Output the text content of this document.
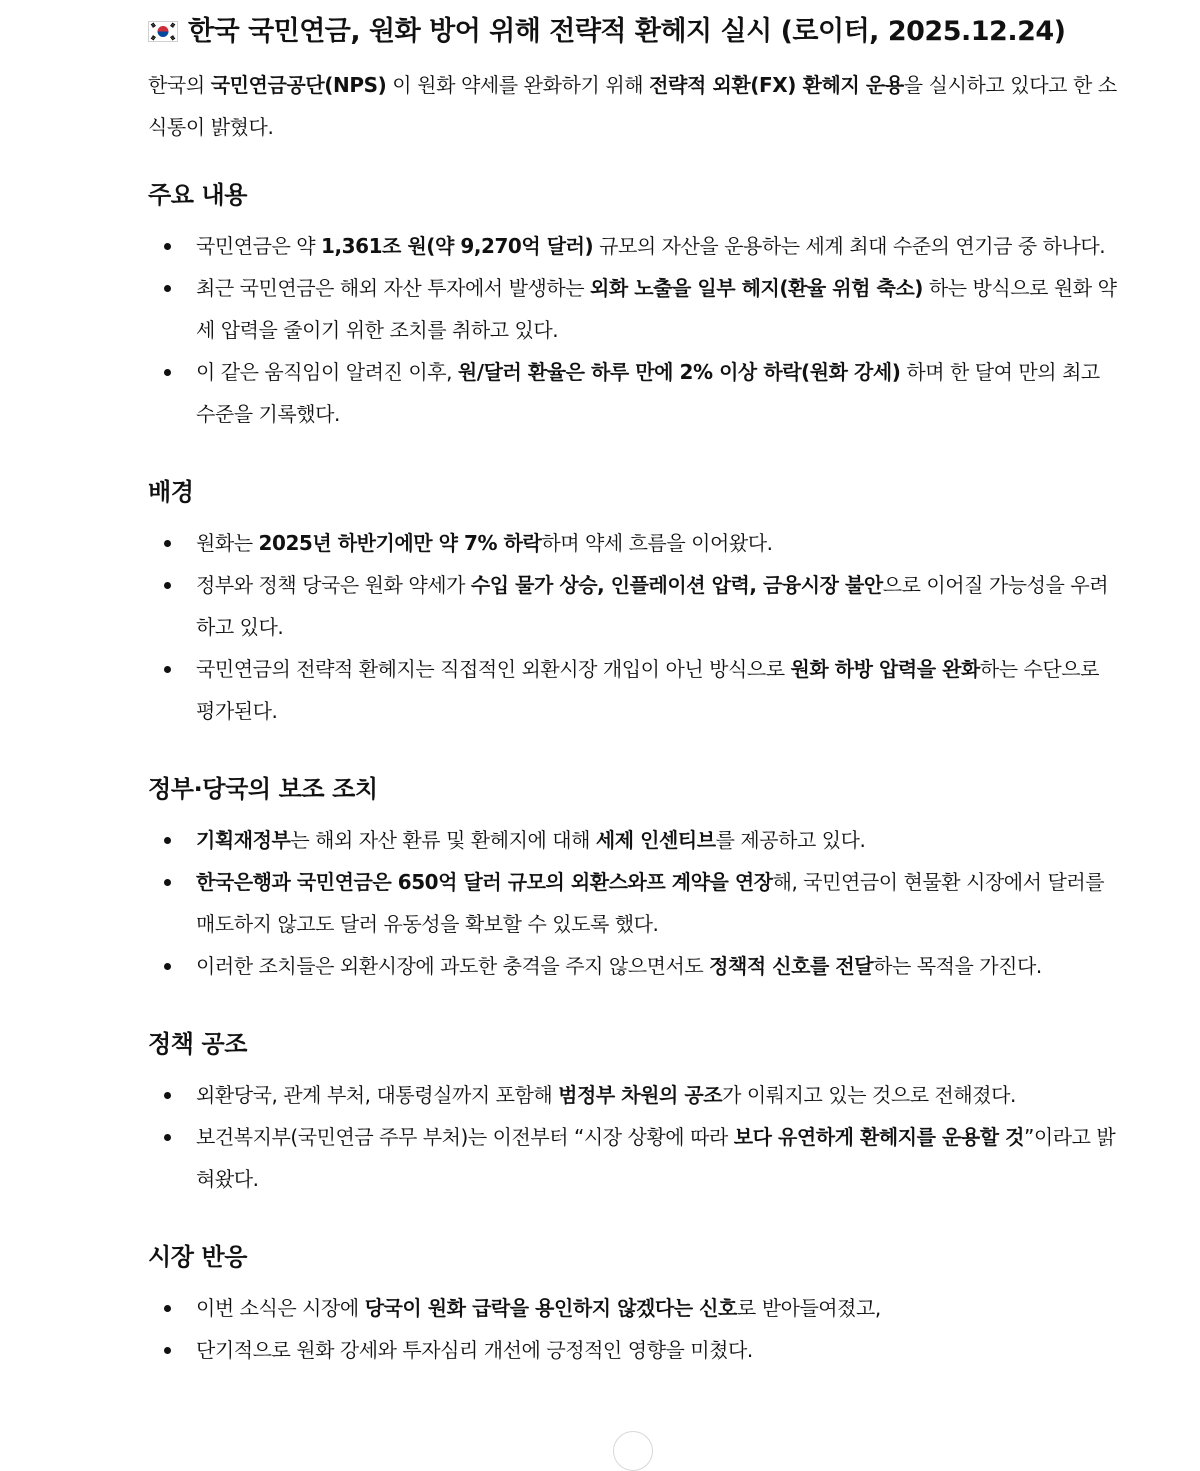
한국 국민연금, 원화 방어 위해 전략적 환헤지 실시 (로이터, 2025.12.24)

한국의 국민연금공단(NPS) 이 원화 약세를 완화하기 위해 전략적 외환(FX) 환헤지 운용을 실시하고 있다고 한 소식통이 밝혔다.

주요 내용
국민연금은 약 1,361조 원(약 9,270억 달러) 규모의 자산을 운용하는 세계 최대 수준의 연기금 중 하나다.
최근 국민연금은 해외 자산 투자에서 발생하는 외화 노출을 일부 헤지(환율 위험 축소) 하는 방식으로 원화 약세 압력을 줄이기 위한 조치를 취하고 있다.
이 같은 움직임이 알려진 이후, 원/달러 환율은 하루 만에 2% 이상 하락(원화 강세) 하며 한 달여 만의 최고 수준을 기록했다.
배경
원화는 2025년 하반기에만 약 7% 하락하며 약세 흐름을 이어왔다.
정부와 정책 당국은 원화 약세가 수입 물가 상승, 인플레이션 압력, 금융시장 불안으로 이어질 가능성을 우려하고 있다.
국민연금의 전략적 환헤지는 직접적인 외환시장 개입이 아닌 방식으로 원화 하방 압력을 완화하는 수단으로 평가된다.
정부·당국의 보조 조치
기획재정부는 해외 자산 환류 및 환헤지에 대해 세제 인센티브를 제공하고 있다.
한국은행과 국민연금은 650억 달러 규모의 외환스와프 계약을 연장해, 국민연금이 현물환 시장에서 달러를 매도하지 않고도 달러 유동성을 확보할 수 있도록 했다.
이러한 조치들은 외환시장에 과도한 충격을 주지 않으면서도 정책적 신호를 전달하는 목적을 가진다.
정책 공조
외환당국, 관계 부처, 대통령실까지 포함해 범정부 차원의 공조가 이뤄지고 있는 것으로 전해졌다.
보건복지부(국민연금 주무 부처)는 이전부터 “시장 상황에 따라 보다 유연하게 환헤지를 운용할 것”이라고 밝혀왔다.
시장 반응
이번 소식은 시장에 당국이 원화 급락을 용인하지 않겠다는 신호로 받아들여졌고,
단기적으로 원화 강세와 투자심리 개선에 긍정적인 영향을 미쳤다.
